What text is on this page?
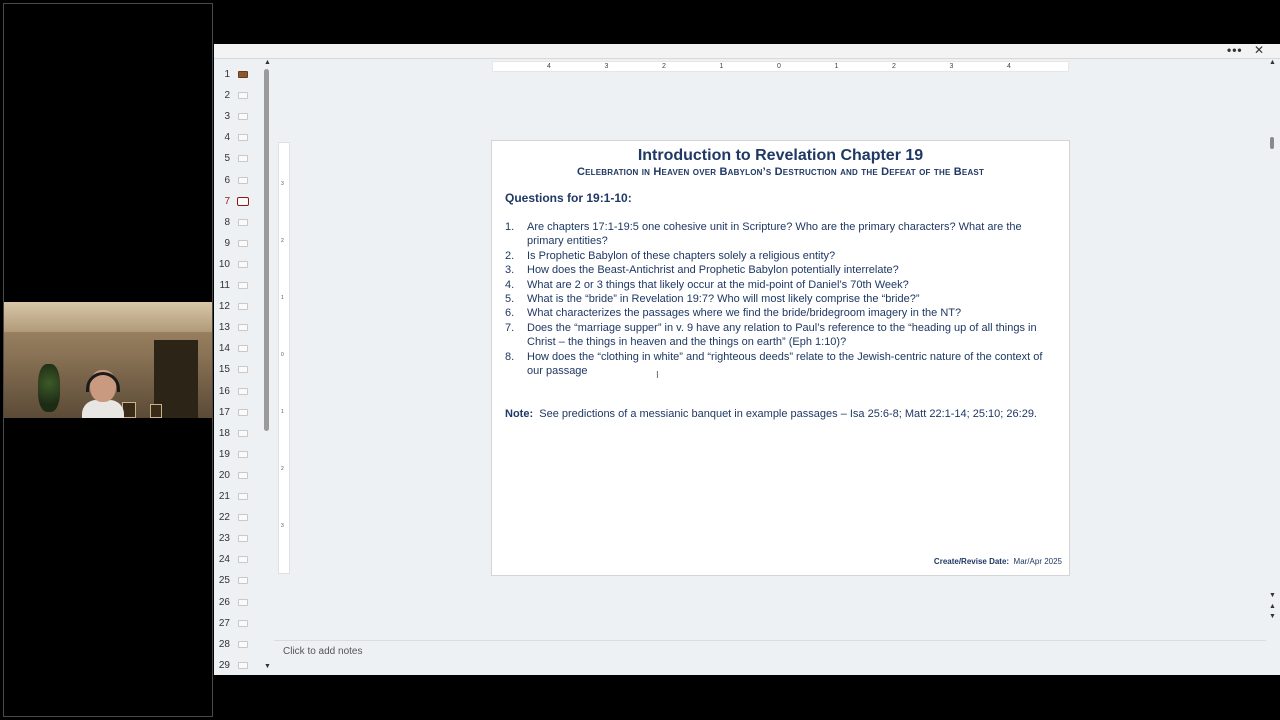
••• ✕
1
2
3
4
5
6
7
8
9
10
11
12
13
14
15
16
17
18
19
20
21
22
23
24
25
26
27
28
29
▲
▼
4	3	2	1	0	1	2	3	4
3
2
1
0
1
2
3
Introduction to Revelation Chapter 19
Celebration in Heaven over Babylon’s Destruction and the Defeat of the Beast
Questions for 19:1-10:
1. Are chapters 17:1-19:5 one cohesive unit in Scripture? Who are the primary characters? What are the primary entities?
2. Is Prophetic Babylon of these chapters solely a religious entity?
3. How does the Beast-Antichrist and Prophetic Babylon potentially interrelate?
4. What are 2 or 3 things that likely occur at the mid-point of Daniel’s 70th Week?
5. What is the “bride” in Revelation 19:7? Who will most likely comprise the “bride?”
6. What characterizes the passages where we find the bride/bridegroom imagery in the NT?
7. Does the “marriage supper” in v. 9 have any relation to Paul’s reference to the “heading up of all things in Christ – the things in heaven and the things on earth” (Eph 1:10)?
8. How does the “clothing in white” and “righteous deeds” relate to the Jewish-centric nature of the context of our passage	I
Note: See predictions of a messianic banquet in example passages – Isa 25:6-8; Matt 22:1-14; 25:10; 26:29.
Create/Revise Date: Mar/Apr 2025
▲
▼
▲
▼
Click to add notes
